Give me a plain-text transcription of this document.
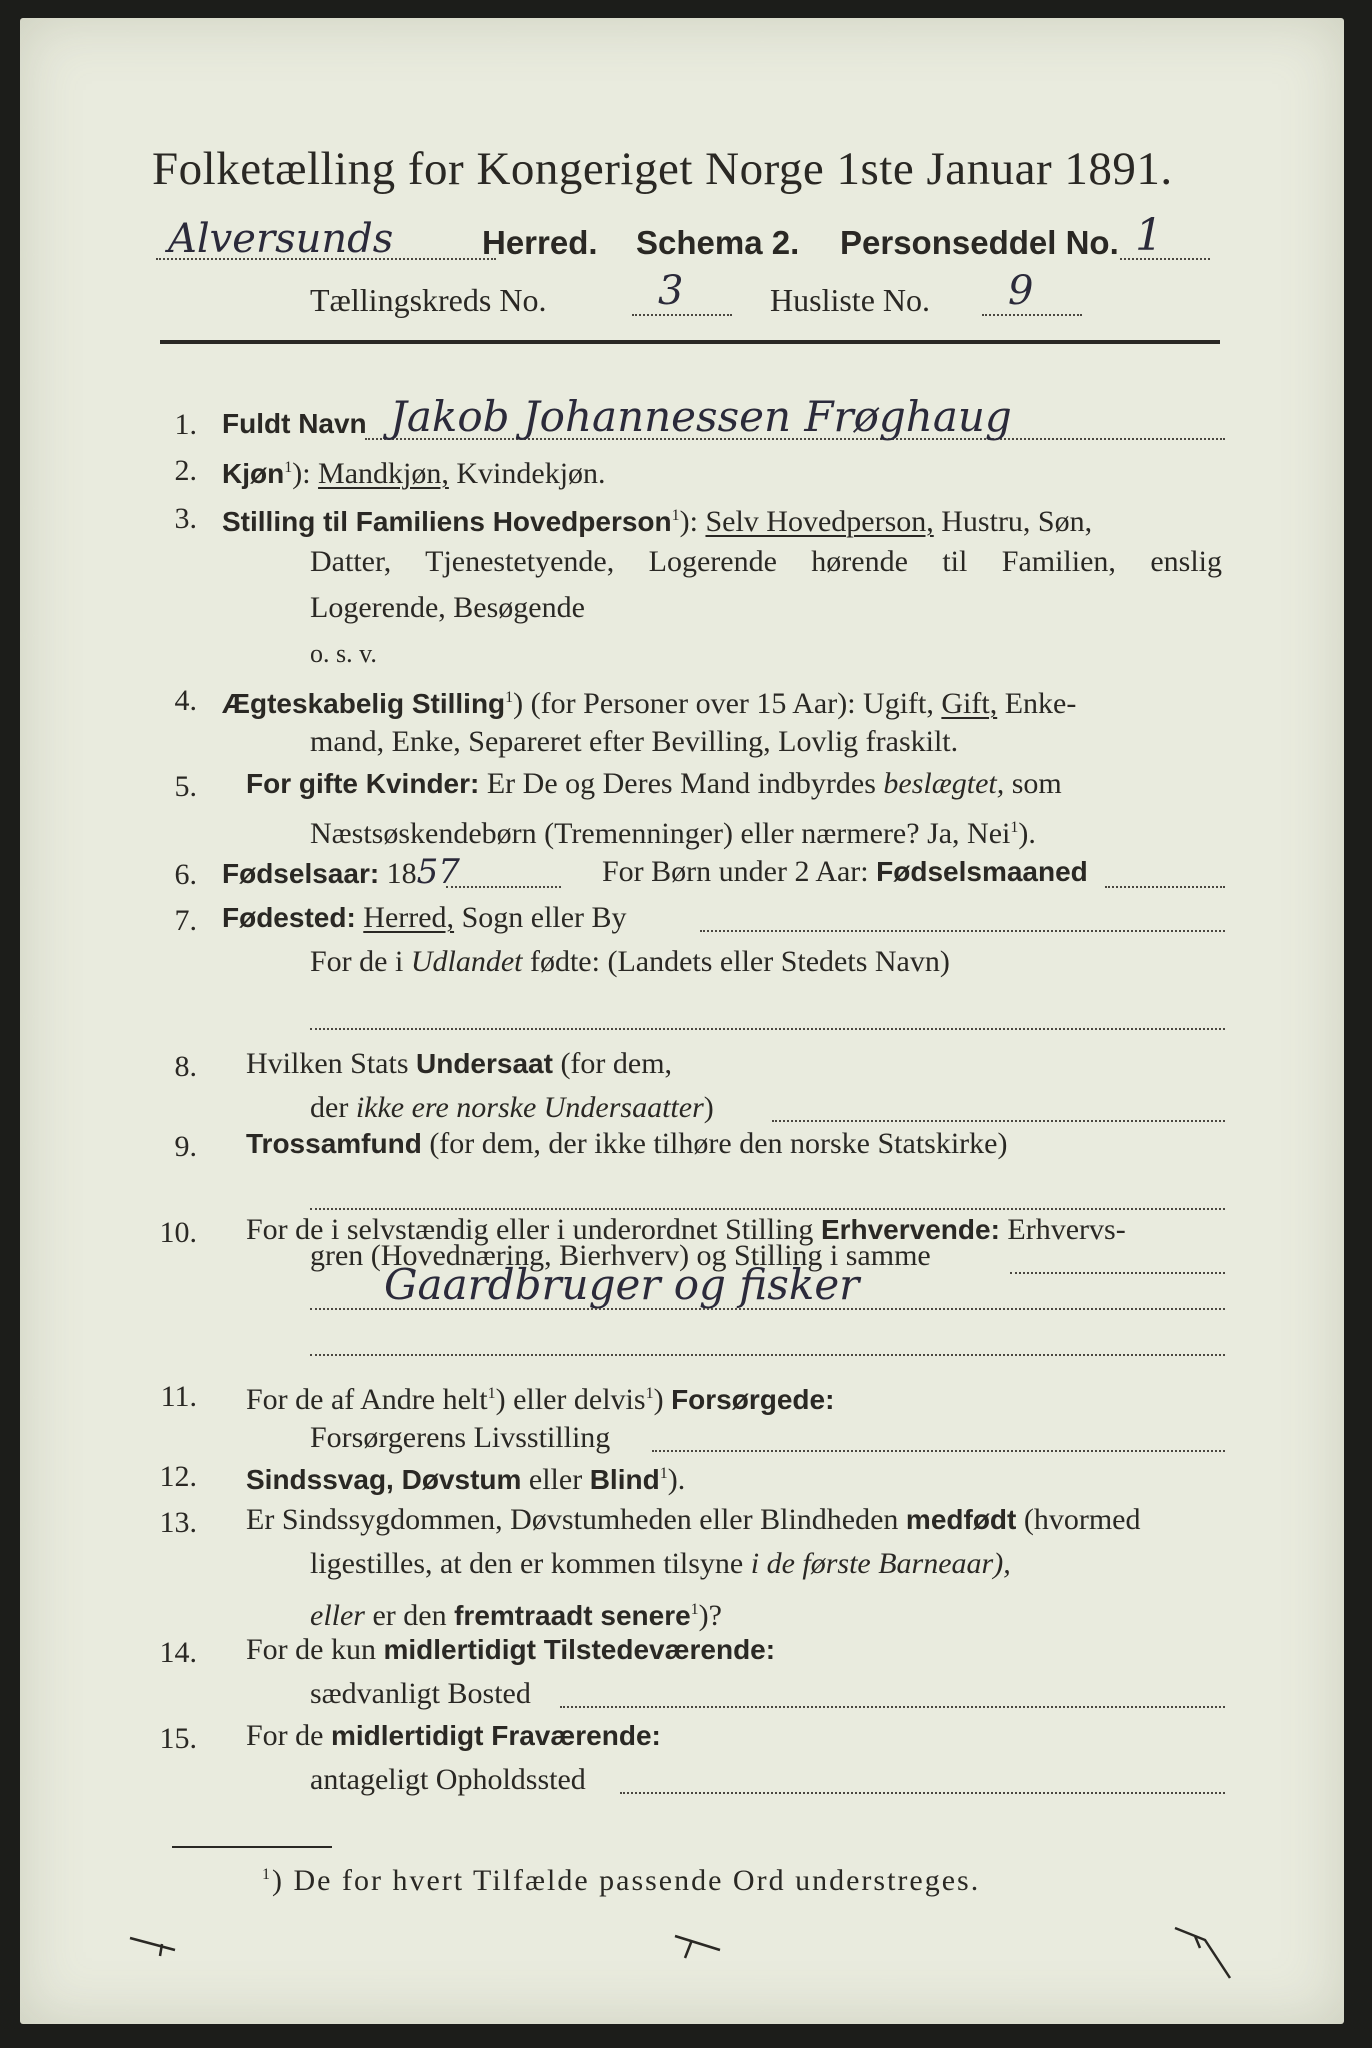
Folketælling for Kongeriget Norge 1ste Januar 1891.
Alversunds	Herred. Schema 2. Personseddel No. 1
Tællingskreds No.	3	Husliste No. 9
1. Fuldt Navn Jakob Johannessen Frøghaug
2. Kjøn$^1$): Mandkjøn, Kvindekjøn.
3. Stilling til Familiens Hovedperson$^1$): Selv Hovedperson, Hustru, Søn,
Datter, Tjenestetyende, Logerende hørende til Familien, enslig
Logerende, Besøgende
o. s. v.
4. Ægteskabelig Stilling$^1$) (for Personer over 15 Aar): Ugift, Gift, Enke-
mand, Enke, Separeret efter Bevilling, Lovlig fraskilt.
5. For gifte Kvinder: Er De og Deres Mand indbyrdes beslægtet, som
Næstsøskendebørn (Tremenninger) eller nærmere? Ja, Nei$^1$).
6. Fødselsaar: 1857	For Børn under 2 Aar: Fødselsmaaned
7. Fødested: Herred, Sogn eller By
For de i Udlandet fødte: (Landets eller Stedets Navn)
8. Hvilken Stats Undersaat (for dem,
der ikke ere norske Undersaatter)
9. Trossamfund (for dem, der ikke tilhøre den norske Statskirke)
10. For de i selvstændig eller i underordnet Stilling Erhvervende: Erhvervs-
gren (Hovednæring, Bierhverv) og Stilling i samme
Gaardbruger og fisker
11. For de af Andre helt$^1$) eller delvis$^1$) Forsørgede:
Forsørgerens Livsstilling
12. Sindssvag, Døvstum eller Blind$^1$).
13. Er Sindssygdommen, Døvstumheden eller Blindheden medfødt (hvormed
ligestilles, at den er kommen tilsyne i de første Barneaar),
eller er den fremtraadt senere$^1$)?
14. For de kun midlertidigt Tilstedeværende:
sædvanligt Bosted
15. For de midlertidigt Fraværende:
antageligt Opholdssted
$^1$) De for hvert Tilfælde passende Ord understreges.
